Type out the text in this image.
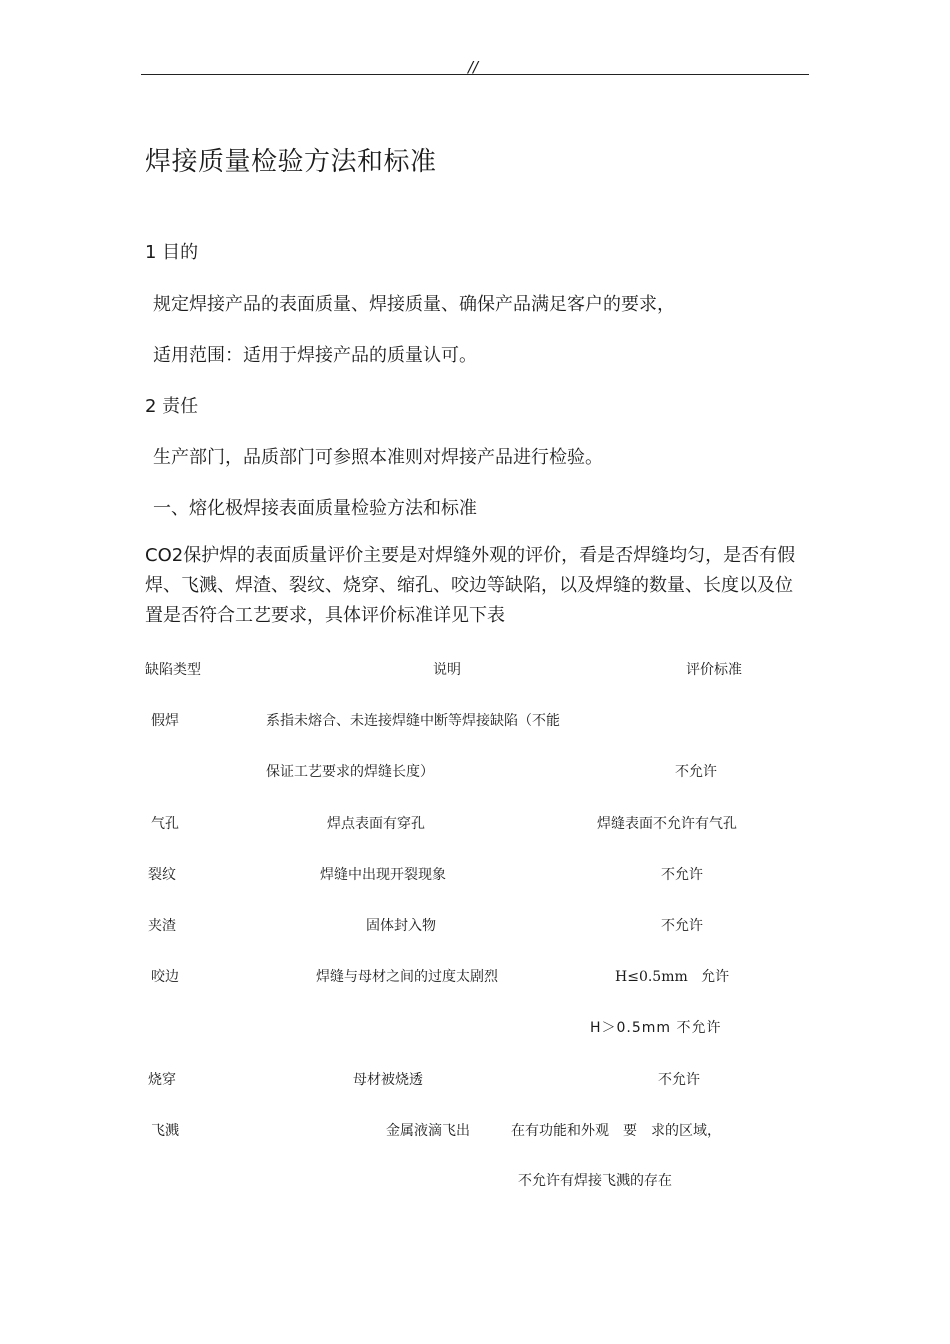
//
焊接质量检验方法和标准
1 目的
规定焊接产品的表面质量、焊接质量、确保产品满足客户的要求，
适用范围：适用于焊接产品的质量认可。
2 责任
生产部门，品质部门可参照本准则对焊接产品进行检验。
一、熔化极焊接表面质量检验方法和标准
CO2保护焊的表面质量评价主要是对焊缝外观的评价，看是否焊缝均匀，是否有假焊、飞溅、焊渣、裂纹、烧穿、缩孔、咬边等缺陷，以及焊缝的数量、长度以及位置是否符合工艺要求，具体评价标准详见下表
缺陷类型	说明	评价标准
假焊	系指未熔合、未连接焊缝中断等焊接缺陷（不能
保证工艺要求的焊缝长度）	不允许
气孔	焊点表面有穿孔	焊缝表面不允许有气孔
裂纹	焊缝中出现开裂现象	不允许
夹渣	固体封入物	不允许
咬边	焊缝与母材之间的过度太剧烈	H≤0.5mm   允许
H＞0.5mm 不允许
烧穿	母材被烧透	不允许
飞溅	金属液滴飞出	在有功能和外观　要　求的区域，
不允许有焊接飞溅的存在
